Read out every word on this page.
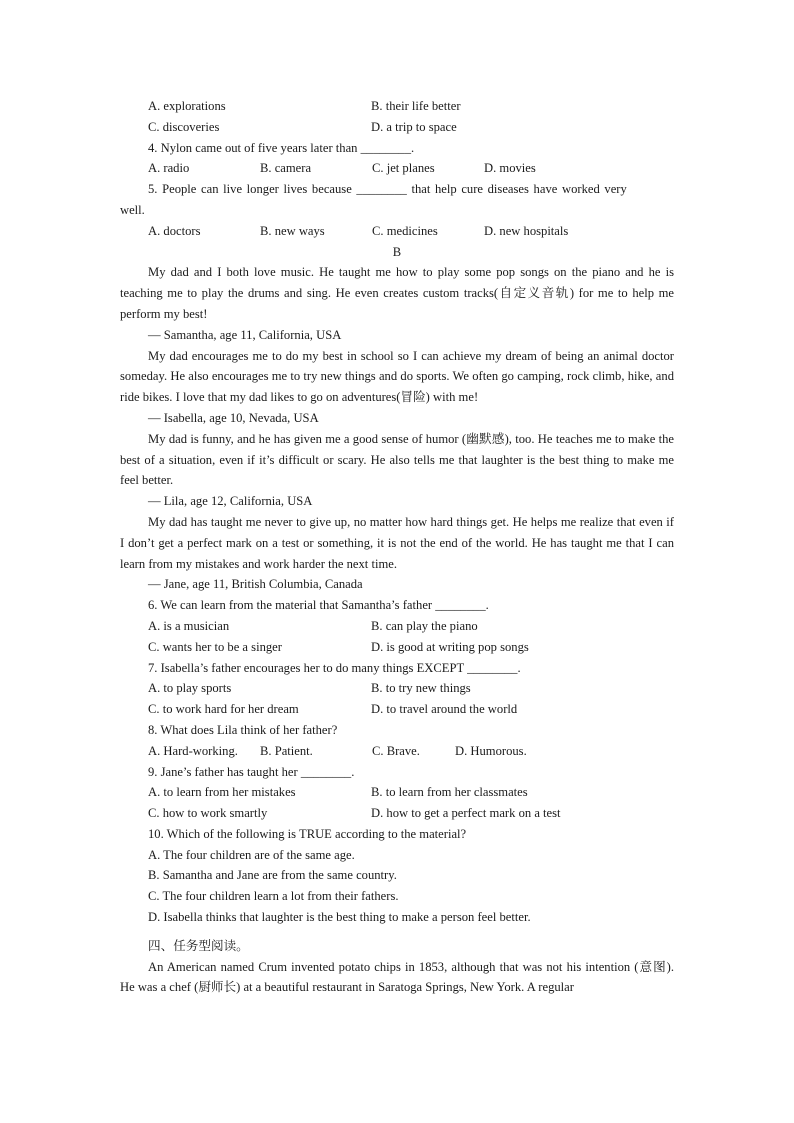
A. explorations	B. their life better
C. discoveries	D. a trip to space
4. Nylon came out of five years later than ________.
A. radio	B. camera	C. jet planes	D. movies
5. People can live longer lives because ________ that help cure diseases have worked very
well.
A. doctors	B. new ways	C. medicines	D. new hospitals
B

My dad and I both love music. He taught me how to play some pop songs on the piano and he is teaching me to play the drums and sing. He even creates custom tracks(自定义音轨) for me to help me perform my best!

— Samantha, age 11, California, USA

My dad encourages me to do my best in school so I can achieve my dream of being an animal doctor someday. He also encourages me to try new things and do sports. We often go camping, rock climb, hike, and ride bikes. I love that my dad likes to go on adventures(冒险) with me!

— Isabella, age 10, Nevada, USA

My dad is funny, and he has given me a good sense of humor (幽默感), too. He teaches me to make the best of a situation, even if it’s difficult or scary. He also tells me that laughter is the best thing to make me feel better.

— Lila, age 12, California, USA

My dad has taught me never to give up, no matter how hard things get. He helps me realize that even if I don’t get a perfect mark on a test or something, it is not the end of the world. He has taught me that I can learn from my mistakes and work harder the next time.

— Jane, age 11, British Columbia, Canada
6. We can learn from the material that Samantha’s father ________.
A. is a musician	B. can play the piano
C. wants her to be a singer	D. is good at writing pop songs
7. Isabella’s father encourages her to do many things EXCEPT ________.
A. to play sports	B. to try new things
C. to work hard for her dream	D. to travel around the world
8. What does Lila think of her father?
A. Hard-working.	B. Patient.	C. Brave.	D. Humorous.
9. Jane’s father has taught her ________.
A. to learn from her mistakes	B. to learn from her classmates
C. how to work smartly	D. how to get a perfect mark on a test
10. Which of the following is TRUE according to the material?
A. The four children are of the same age.
B. Samantha and Jane are from the same country.
C. The four children learn a lot from their fathers.
D. Isabella thinks that laughter is the best thing to make a person feel better.
四、任务型阅读。

An American named Crum invented potato chips in 1853, although that was not his intention (意图). He was a chef (厨师长) at a beautiful restaurant in Saratoga Springs, New York. A regular
